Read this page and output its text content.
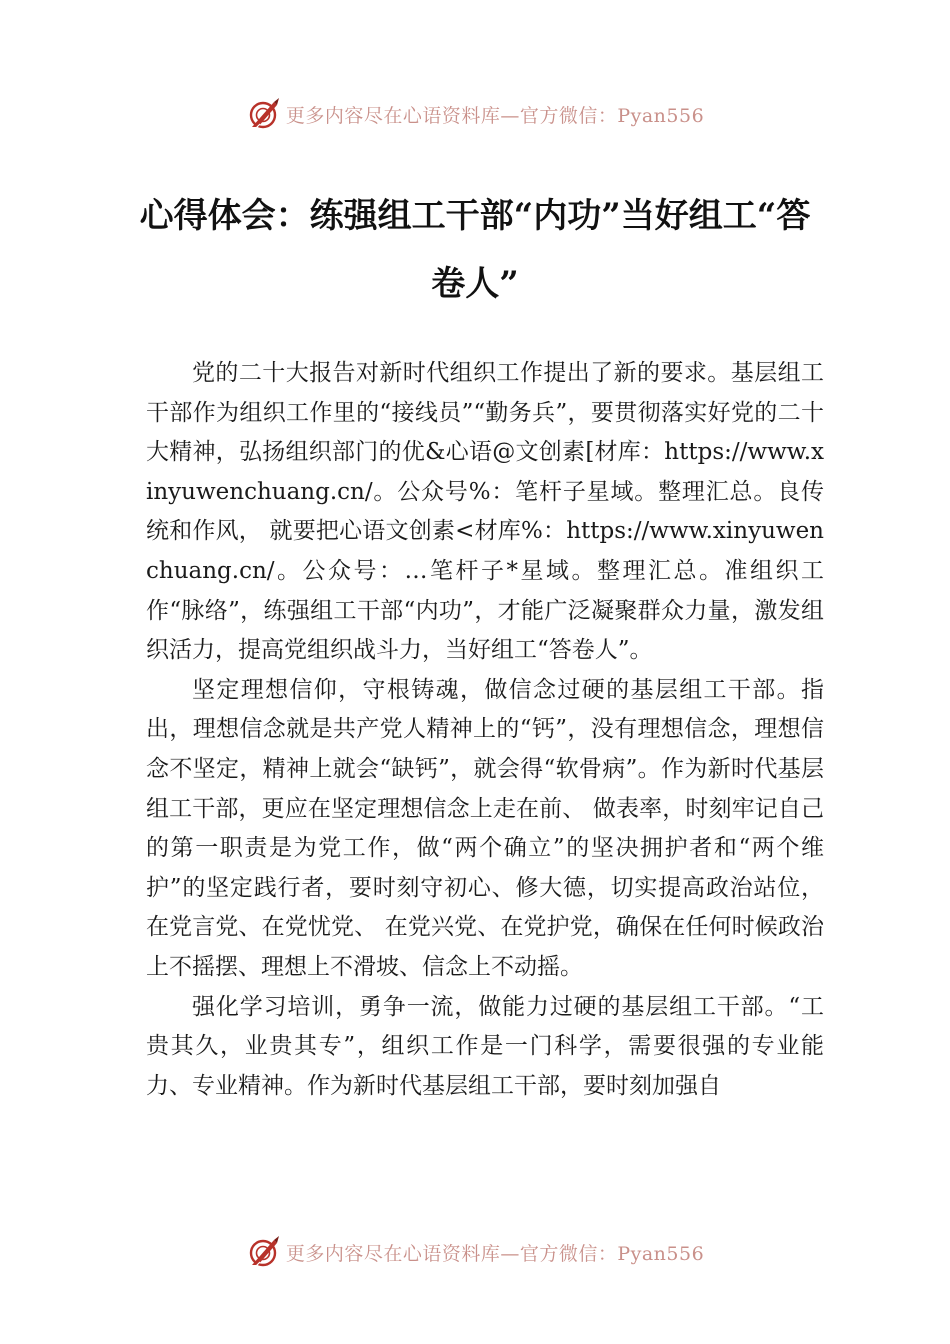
更多内容尽在心语资料库—官方微信：Pyan556
心得体会：练强组工干部“内功”当好组工“答卷人”

党的二十大报告对新时代组织工作提出了新的要求。基层组工干部作为组织工作里的“接线员”“勤务兵”，要贯彻落实好党的二十大精神，弘扬组织部门的优&心语@文创素[材库：https://www.xinyuwenchuang.cn/。公众号%：笔杆子星域。整理汇总。良传统和作风， 就要把心语文创素<材库%：https://www.xinyuwenchuang.cn/。公众号：…笔杆子*星域。整理汇总。准组织工作“脉络”，练强组工干部“内功”，才能广泛凝聚群众力量，激发组织活力，提高党组织战斗力，当好组工“答卷人”。

坚定理想信仰，守根铸魂，做信念过硬的基层组工干部。指出，理想信念就是共产党人精神上的“钙”，没有理想信念，理想信念不坚定，精神上就会“缺钙”，就会得“软骨病”。作为新时代基层组工干部，更应在坚定理想信念上走在前、 做表率，时刻牢记自己的第一职责是为党工作，做“两个确立”的坚决拥护者和“两个维护”的坚定践行者，要时刻守初心、修大德，切实提高政治站位，在党言党、在党忧党、 在党兴党、在党护党，确保在任何时候政治上不摇摆、理想上不滑坡、信念上不动摇。

强化学习培训，勇争一流，做能力过硬的基层组工干部。“工贵其久，业贵其专”，组织工作是一门科学，需要很强的专业能力、专业精神。作为新时代基层组工干部，要时刻加强自

更多内容尽在心语资料库—官方微信：Pyan556
